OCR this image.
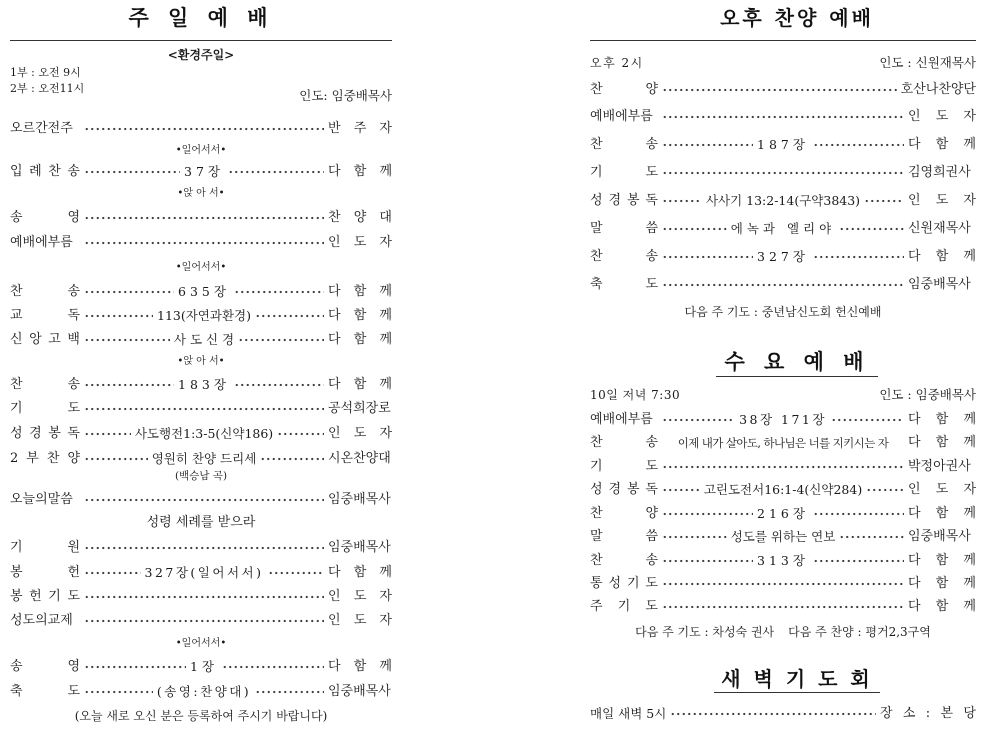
주 일 예 배
<환경주일>
1부 : 오전 9시
2부 : 오전11시	인도: 임중배목사
오르간전주	반 주 자
•일어서서•
입 례 찬 송	37장	다 함 께
•앉 아 서•
송 영	찬 양 대
예배에부름	인 도 자
•일어서서•
찬 송	635장	다 함 께
교 독	113(자연과환경)	다 함 께
신 앙 고 백	사 도 신 경	다 함 께
•앉 아 서•
찬 송	183장	다 함 께
기 도	공석희장로
성 경 봉 독	사도행전1:3-5(신약186)	인 도 자
2 부 찬 양	영원히 찬양 드리세	시온찬양대
(백승남 곡)
오늘의말씀	임중배목사
성령 세례를 받으라
기 원	임중배목사
봉 헌	327장(일어서서)	다 함 께
봉 헌 기 도	인 도 자
성도의교제	인 도 자
•일어서서•
송 영	1장	다 함 께
축 도	(송영:찬양대)	임중배목사
(오늘 새로 오신 분은 등록하여 주시기 바랍니다)
오후 찬양 예배
오후 2시	인도 : 신원재목사
찬 양	호산나찬양단
예배에부름	인 도 자
찬 송	187장	다 함 께
기 도	김영희권사
성 경 봉 독	사사기 13:2-14(구약3843)	인 도 자
말 씀	에녹과 엘리야	신원재목사
찬 송	327장	다 함 께
축 도	임중배목사
다음 주 기도 : 중년남신도회 헌신예배
수 요 예 배
10일 저녁 7:30	인도 : 임중배목사
예배에부름	38장 171장	다 함 께
찬 송	이제 내가 살아도, 하나님은 너를 지키시는 자	다 함 께
기 도	박정아권사
성 경 봉 독	고린도전서16:1-4(신약284)	인 도 자
찬 양	216장	다 함 께
말 씀	성도를 위하는 연보	임중배목사
찬 송	313장	다 함 께
통 성 기 도	다 함 께
주 기 도	다 함 께
다음 주 기도 : 차성숙 권사 다음 주 찬양 : 평거2,3구역
새 벽 기 도 회
매일 새벽 5시	장 소 : 본 당
